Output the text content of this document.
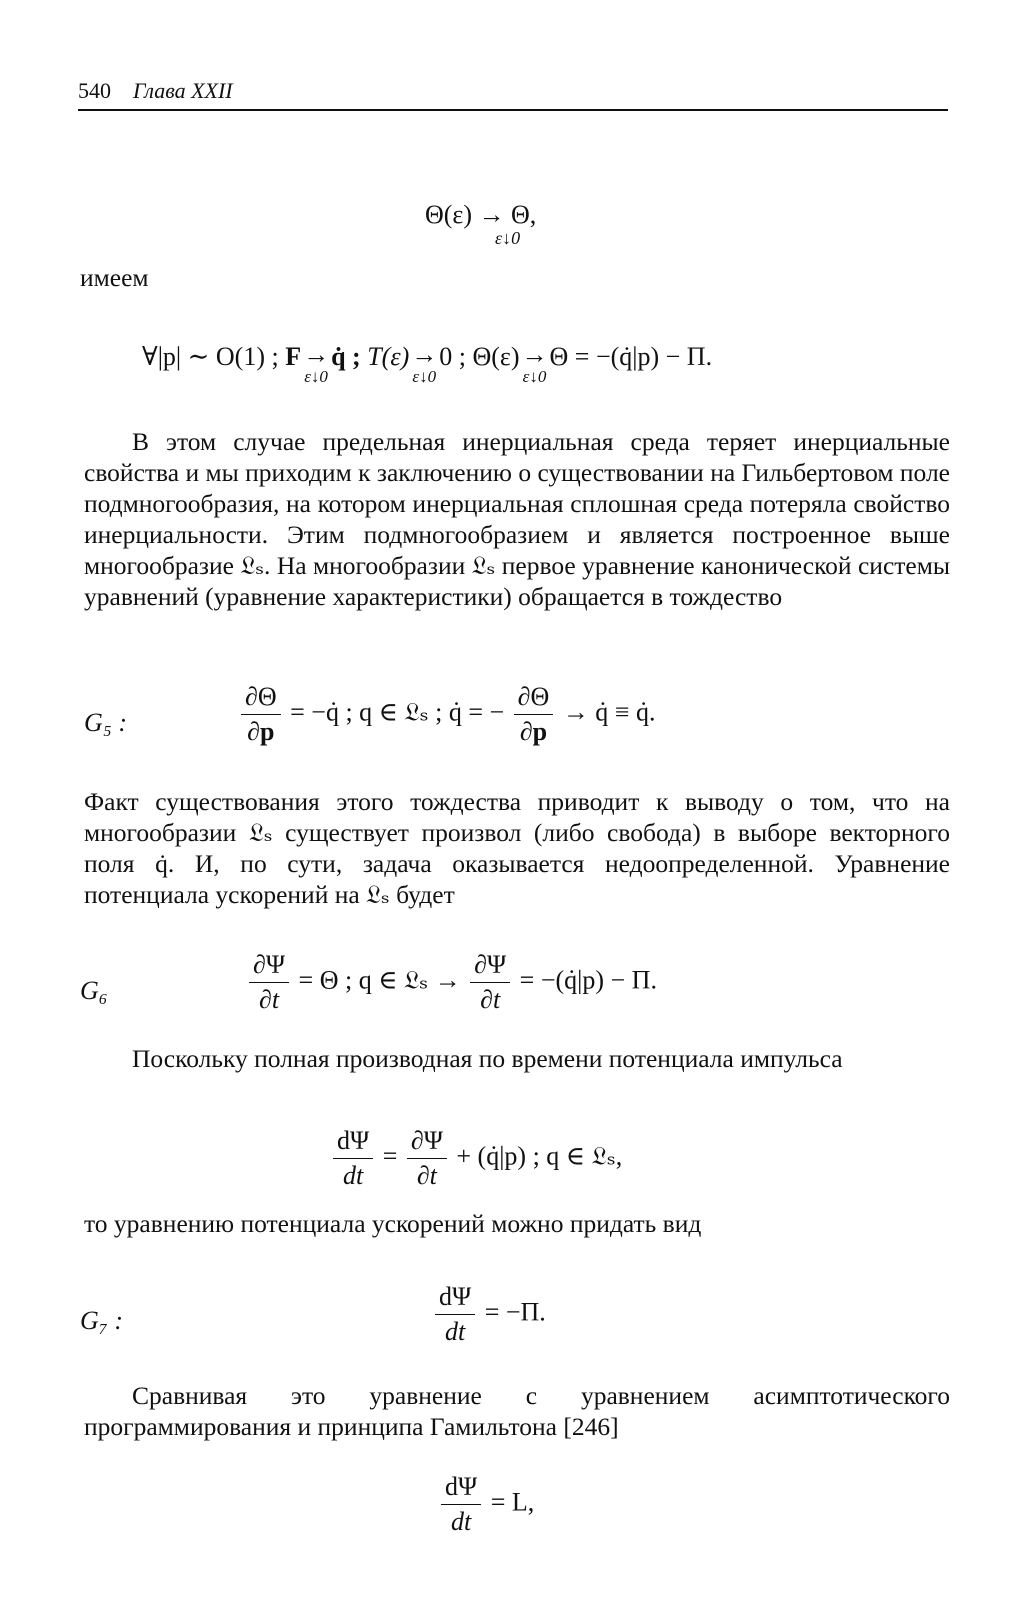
540 Глава XXII
Θ(ε) → Θ,
ε↓0
имеем
∀|p| ∼ O(1) ; F→
ε↓0
q̇ ; T(ε)→
ε↓0
0 ; Θ(ε)→
ε↓0
Θ = −(q̇|p) − Π.

В этом случае предельная инерциальная среда теряет инерциальные свойства и мы приходим к заключению о существовании на Гильбертовом поле подмногообразия, на котором инерциальная сплошная среда потеряла свойство инерциальности. Этим подмногообразием и является построенное выше многообразие 𝔏ₛ. На многообразии 𝔏ₛ первое уравнение канонической системы уравнений (уравнение характеристики) обращается в тождество

G₅ :	$\frac{\partial\Theta}{\partial p}$ = −q̇ ; q ∈ 𝔏ₛ ; q̇ = − $\frac{\partial\Theta}{\partial p}$ → q̇ ≡ q̇.

Факт существования этого тождества приводит к выводу о том, что на многообразии 𝔏ₛ существует произвол (либо свобода) в выборе векторного поля q̇. И, по сути, задача оказывается недоопределенной. Уравнение потенциала ускорений на 𝔏ₛ будет

G₆	$\frac{\partial\Psi}{\partial t} = \Theta$ ; q ∈ 𝔏ₛ → $\frac{\partial\Psi}{\partial t}$ = −(q̇|p) − Π.

Поскольку полная производная по времени потенциала импульса

$\frac{d\Psi}{dt} = \frac{\partial\Psi}{\partial t}$ + (q̇|p) ; q ∈ 𝔏ₛ,

то уравнению потенциала ускорений можно придать вид

G₇ :	$\frac{d\Psi}{dt} = -\Pi$.

Сравнивая это уравнение с уравнением асимптотического программирования и принципа Гамильтона [246]

$\frac{d\Psi}{dt} = L$,
